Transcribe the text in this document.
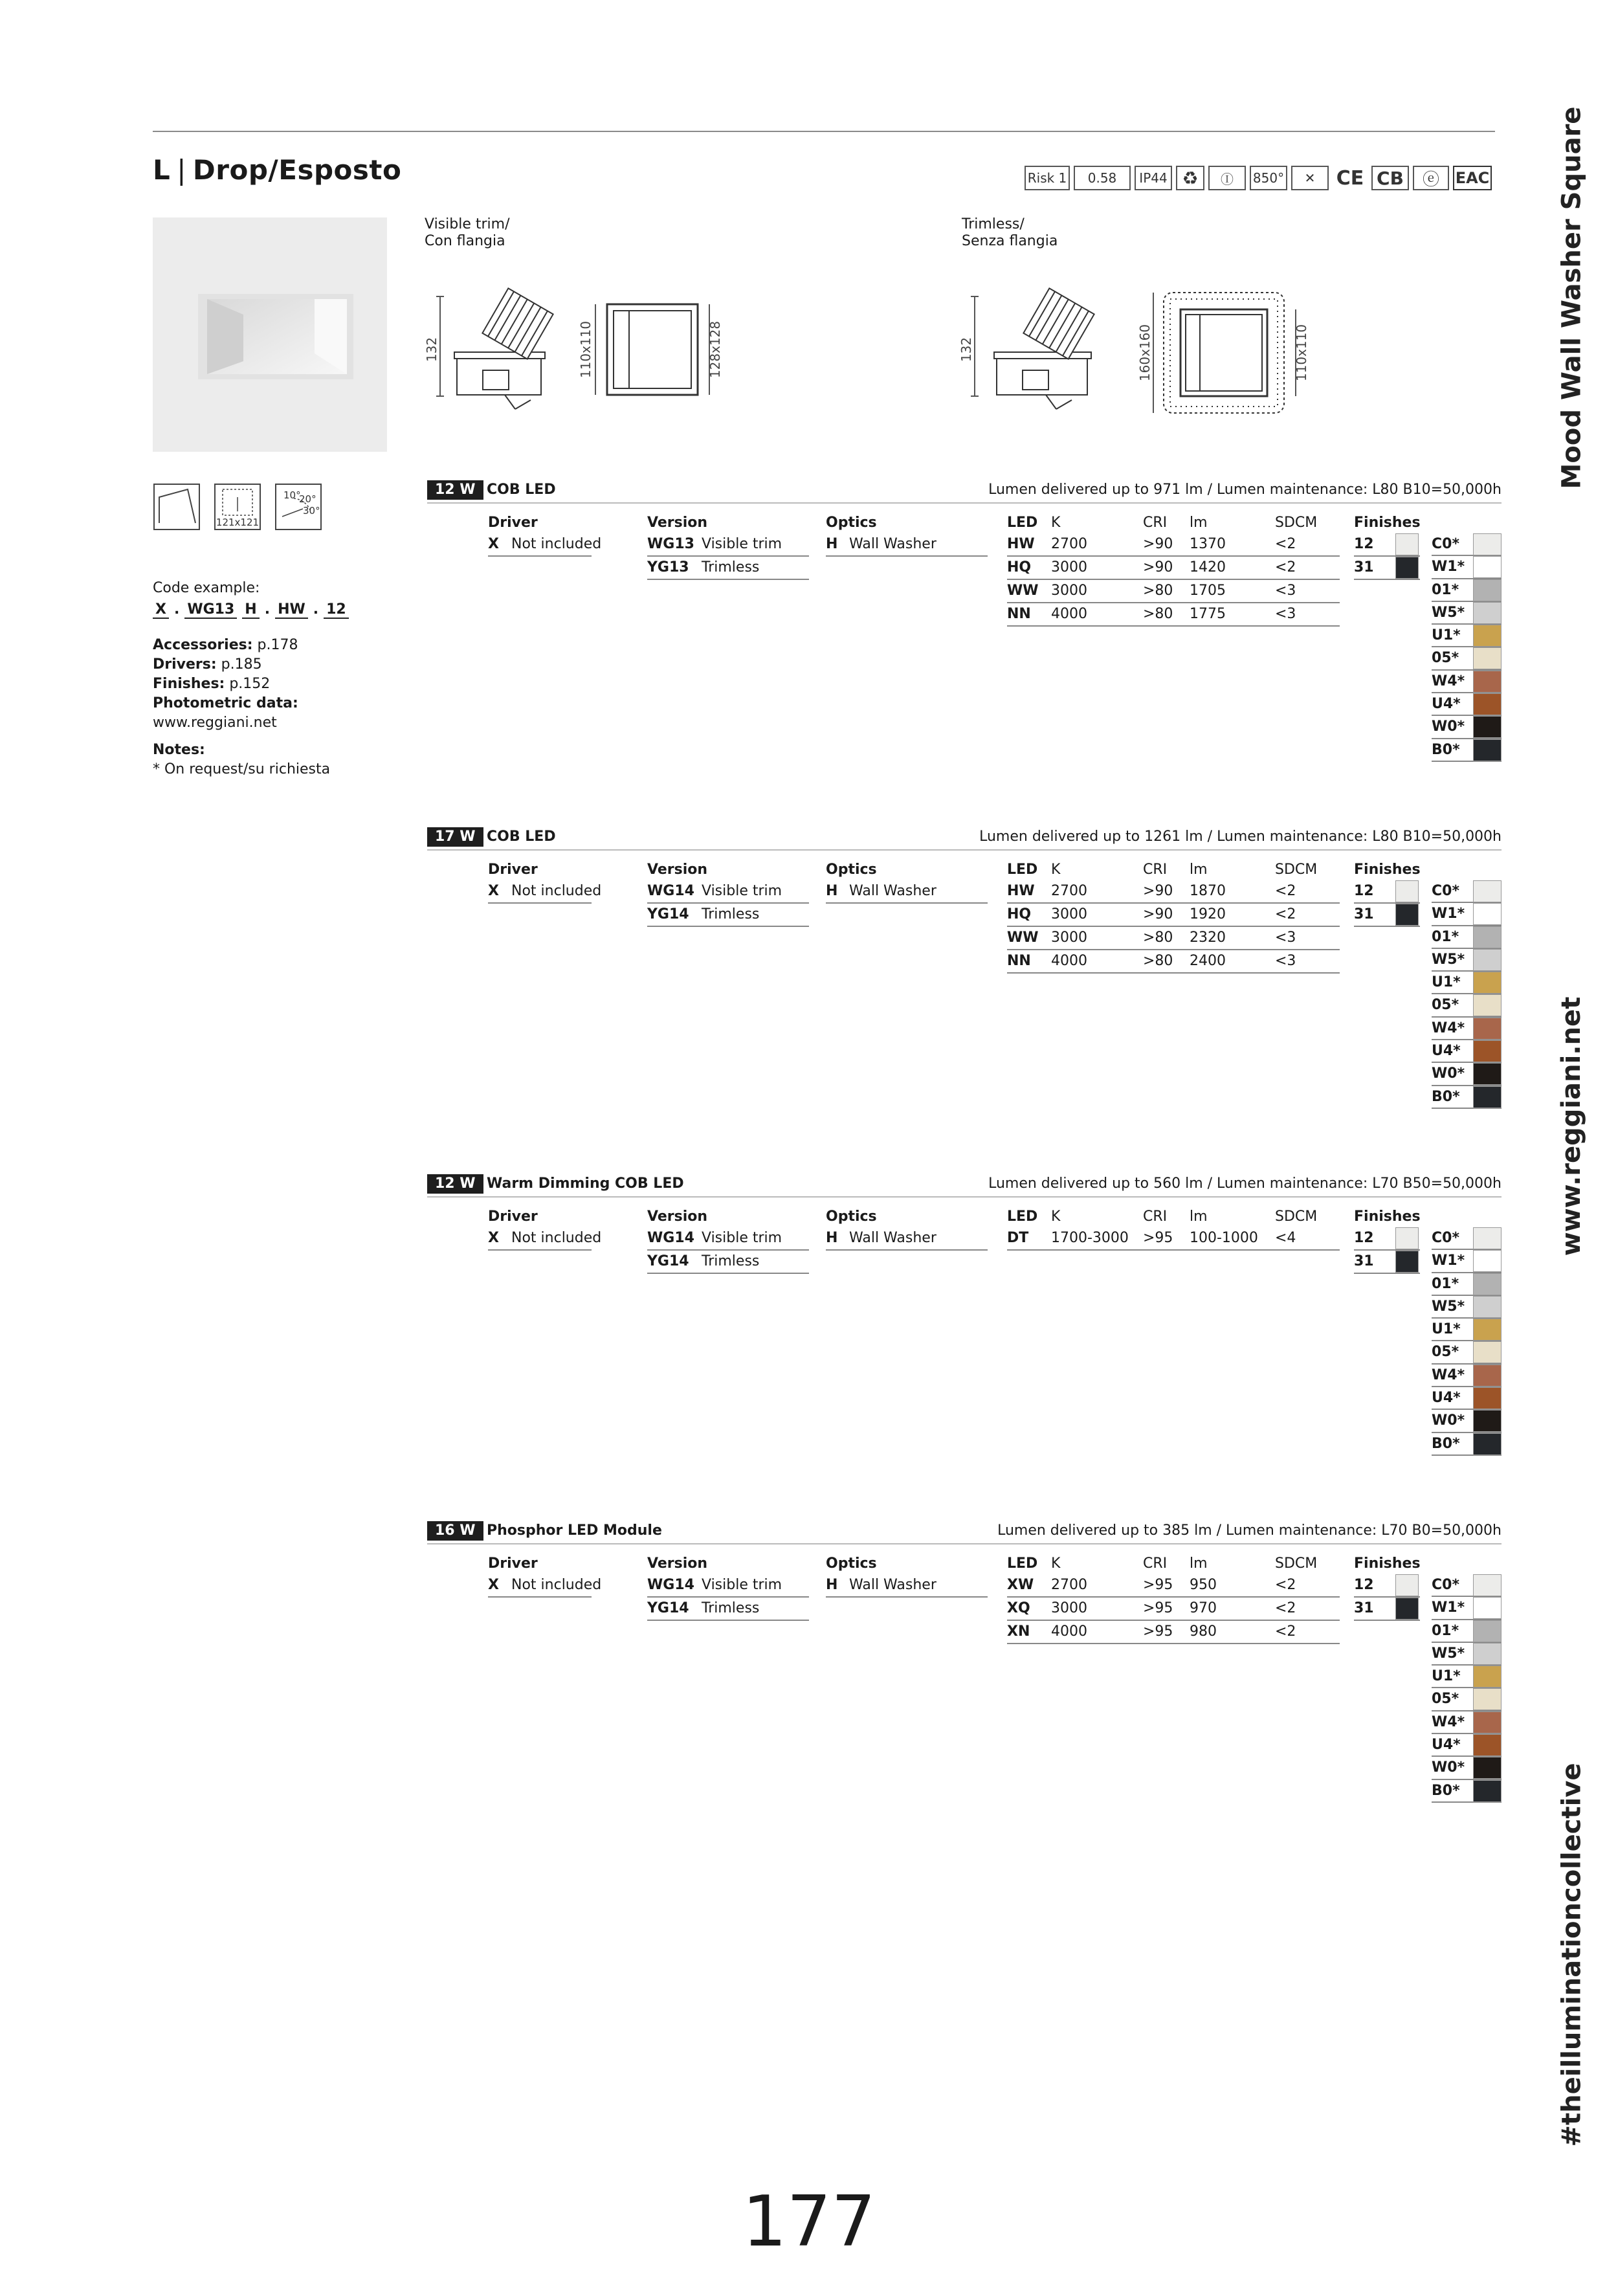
L | Drop/Esposto	Risk 1	0.58	IP44 ♻	Ⓘ	850°	✕	CE CB	ⓔ	EAC	Mood Wall Washer Square
www.reggiani.net
#theilluminationcollective
Visible trim/
Con flangia
Trimless/
Senza flangia
132	110x110	128x128	132	160x160	110x110
121x121
10°
20°
30°
Code example:
X . WG13 H . HW . 12
Accessories: p.178
Drivers: p.185
Finishes: p.152
Photometric data:
www.reggiani.net
Notes:
* On request/su richiesta
12 W COB LED	Lumen delivered up to 971 lm / Lumen maintenance: L80 B10=50,000h
Driver
X Not included
Version
WG13 Visible trim
YG13 Trimless
Optics
H Wall Washer
LED K	CRI lm	SDCM
HW 2700	>90 1370	<2
HQ 3000	>90 1420	<2
WW 3000	>80 1705	<3
NN 4000	>80 1775	<3
Finishes
12
31
C0*
W1*
01*
W5*
U1*
05*
W4*
U4*
W0*
B0*
17 W COB LED	Lumen delivered up to 1261 lm / Lumen maintenance: L80 B10=50,000h
Driver
X Not included
Version
WG14 Visible trim
YG14 Trimless
Optics
H Wall Washer
LED K	CRI lm	SDCM
HW 2700	>90 1870	<2
HQ 3000	>90 1920	<2
WW 3000	>80 2320	<3
NN 4000	>80 2400	<3
Finishes
12
31
C0*
W1*
01*
W5*
U1*
05*
W4*
U4*
W0*
B0*
12 W Warm Dimming COB LED	Lumen delivered up to 560 lm / Lumen maintenance: L70 B50=50,000h
Driver
X Not included
Version
WG14 Visible trim
YG14 Trimless
Optics
H Wall Washer
LED K	CRI lm	SDCM
DT 1700-3000 >95 100-1000 <4
Finishes
12
31
C0*
W1*
01*
W5*
U1*
05*
W4*
U4*
W0*
B0*
16 W Phosphor LED Module	Lumen delivered up to 385 lm / Lumen maintenance: L70 B0=50,000h
Driver
X Not included
Version
WG14 Visible trim
YG14 Trimless
Optics
H Wall Washer
LED K	CRI lm	SDCM
XW 2700	>95 950	<2
XQ 3000	>95 970	<2
XN 4000	>95 980	<2
Finishes
12
31
C0*
W1*
01*
W5*
U1*
05*
W4*
U4*
W0*
B0*
177
